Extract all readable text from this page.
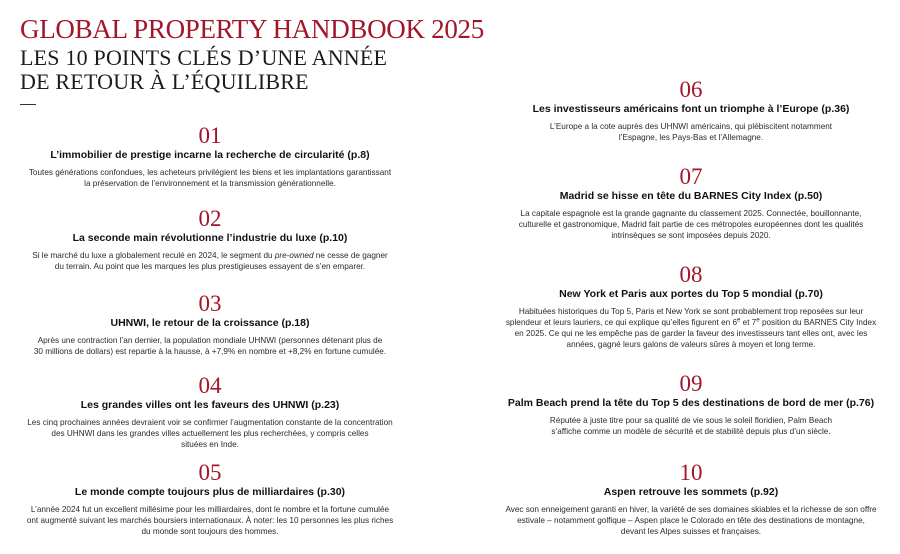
GLOBAL PROPERTY HANDBOOK 2025
LES 10 POINTS CLÉS D’UNE ANNÉE
DE RETOUR À L’ÉQUILIBRE
01
L’immobilier de prestige incarne la recherche de circularité (p.8)
Toutes générations confondues, les acheteurs privilégient les biens et les implantations garantissant
la préservation de l’environnement et la transmission générationnelle.
02
La seconde main révolutionne l’industrie du luxe (p.10)
Si le marché du luxe a globalement reculé en 2024, le segment du pre-owned ne cesse de gagner
du terrain. Au point que les marques les plus prestigieuses essayent de s’en emparer.
03
UHNWI, le retour de la croissance (p.18)
Après une contraction l’an dernier, la population mondiale UHNWI (personnes détenant plus de
30 millions de dollars) est repartie à la hausse, à +7,9% en nombre et +8,2% en fortune cumulée.
04
Les grandes villes ont les faveurs des UHNWI (p.23)
Les cinq prochaines années devraient voir se confirmer l’augmentation constante de la concentration
des UHNWI dans les grandes villes actuellement les plus recherchées, y compris celles
situées en Inde.
05
Le monde compte toujours plus de milliardaires (p.30)
L’année 2024 fut un excellent millésime pour les milliardaires, dont le nombre et la fortune cumulée
ont augmenté suivant les marchés boursiers internationaux. À noter: les 10 personnes les plus riches
du monde sont toujours des hommes.
06
Les investisseurs américains font un triomphe à l’Europe (p.36)
L’Europe a la cote auprès des UHNWI américains, qui plébiscitent notamment
l’Espagne, les Pays-Bas et l’Allemagne.
07
Madrid se hisse en tête du BARNES City Index (p.50)
La capitale espagnole est la grande gagnante du classement 2025. Connectée, bouillonnante,
culturelle et gastronomique, Madrid fait partie de ces métropoles européennes dont les qualités
intrinsèques se sont imposées depuis 2020.
08
New York et Paris aux portes du Top 5 mondial (p.70)
Habituées historiques du Top 5, Paris et New York se sont probablement trop reposées sur leur
splendeur et leurs lauriers, ce qui explique qu’elles figurent en 6e et 7e position du BARNES City Index
en 2025. Ce qui ne les empêche pas de garder la faveur des investisseurs tant elles ont, avec les
années, gagné leurs galons de valeurs sûres à moyen et long terme.
09
Palm Beach prend la tête du Top 5 des destinations de bord de mer (p.76)
Réputée à juste titre pour sa qualité de vie sous le soleil floridien, Palm Beach
s’affiche comme un modèle de sécurité et de stabilité depuis plus d’un siècle.
10
Aspen retrouve les sommets (p.92)
Avec son enneigement garanti en hiver, la variété de ses domaines skiables et la richesse de son offre
estivale – notamment golfique – Aspen place le Colorado en tête des destinations de montagne,
devant les Alpes suisses et françaises.
